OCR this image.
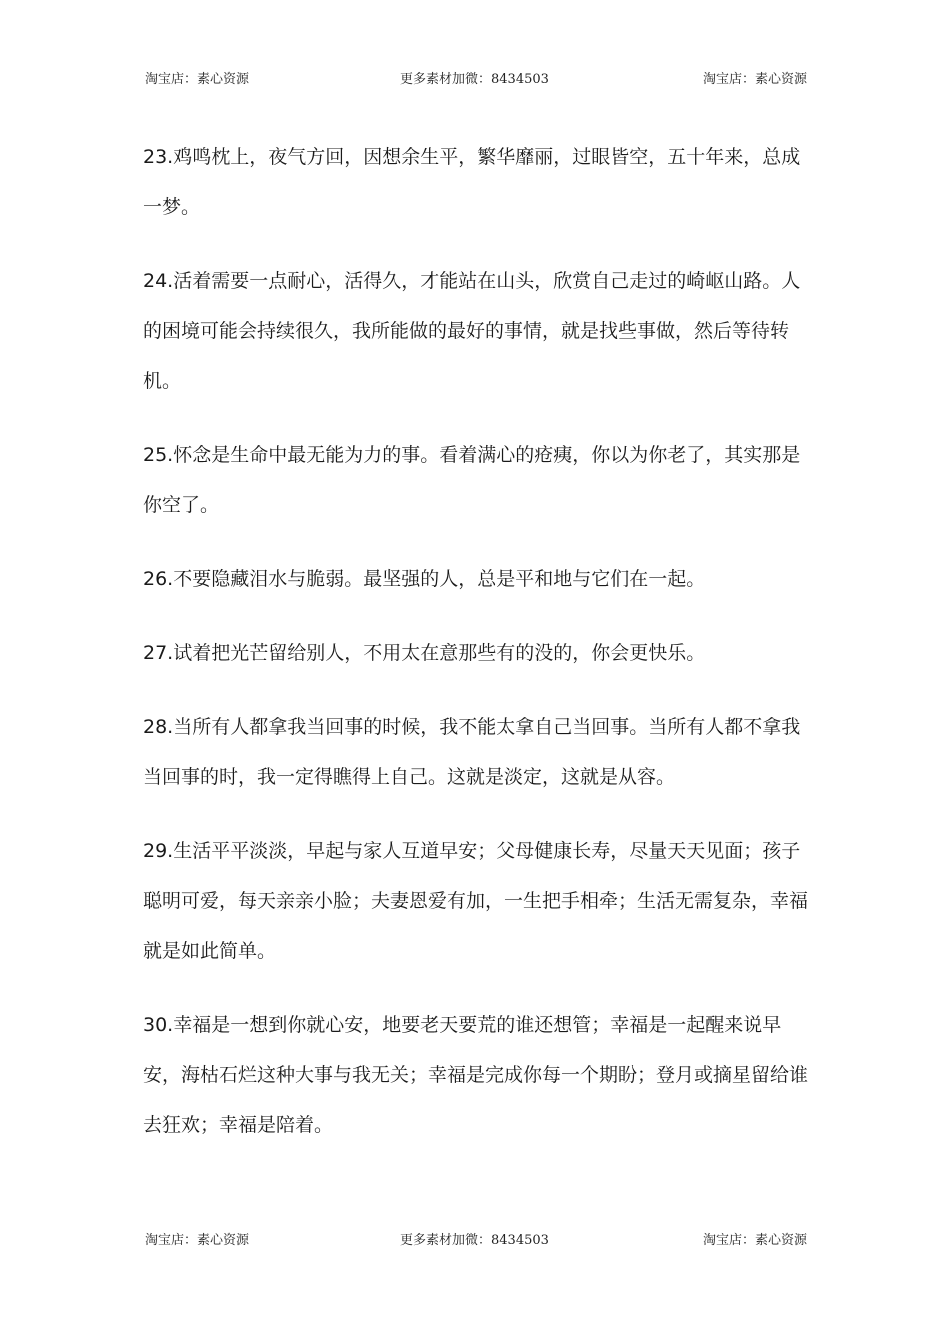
淘宝店：素心资源	更多素材加微：8434503	淘宝店：素心资源

23.鸡鸣枕上，夜气方回，因想余生平，繁华靡丽，过眼皆空，五十年来，总成一梦。

24.活着需要一点耐心，活得久，才能站在山头，欣赏自己走过的崎岖山路。人的困境可能会持续很久，我所能做的最好的事情，就是找些事做，然后等待转机。

25.怀念是生命中最无能为力的事。看着满心的疮痍，你以为你老了，其实那是你空了。

26.不要隐藏泪水与脆弱。最坚强的人，总是平和地与它们在一起。

27.试着把光芒留给别人，不用太在意那些有的没的，你会更快乐。

28.当所有人都拿我当回事的时候，我不能太拿自己当回事。当所有人都不拿我当回事的时，我一定得瞧得上自己。这就是淡定，这就是从容。

29.生活平平淡淡，早起与家人互道早安；父母健康长寿，尽量天天见面；孩子聪明可爱，每天亲亲小脸；夫妻恩爱有加，一生把手相牵；生活无需复杂，幸福就是如此简单。

30.幸福是一想到你就心安，地要老天要荒的谁还想管；幸福是一起醒来说早安，海枯石烂这种大事与我无关；幸福是完成你每一个期盼；登月或摘星留给谁去狂欢；幸福是陪着。

淘宝店：素心资源	更多素材加微：8434503	淘宝店：素心资源
